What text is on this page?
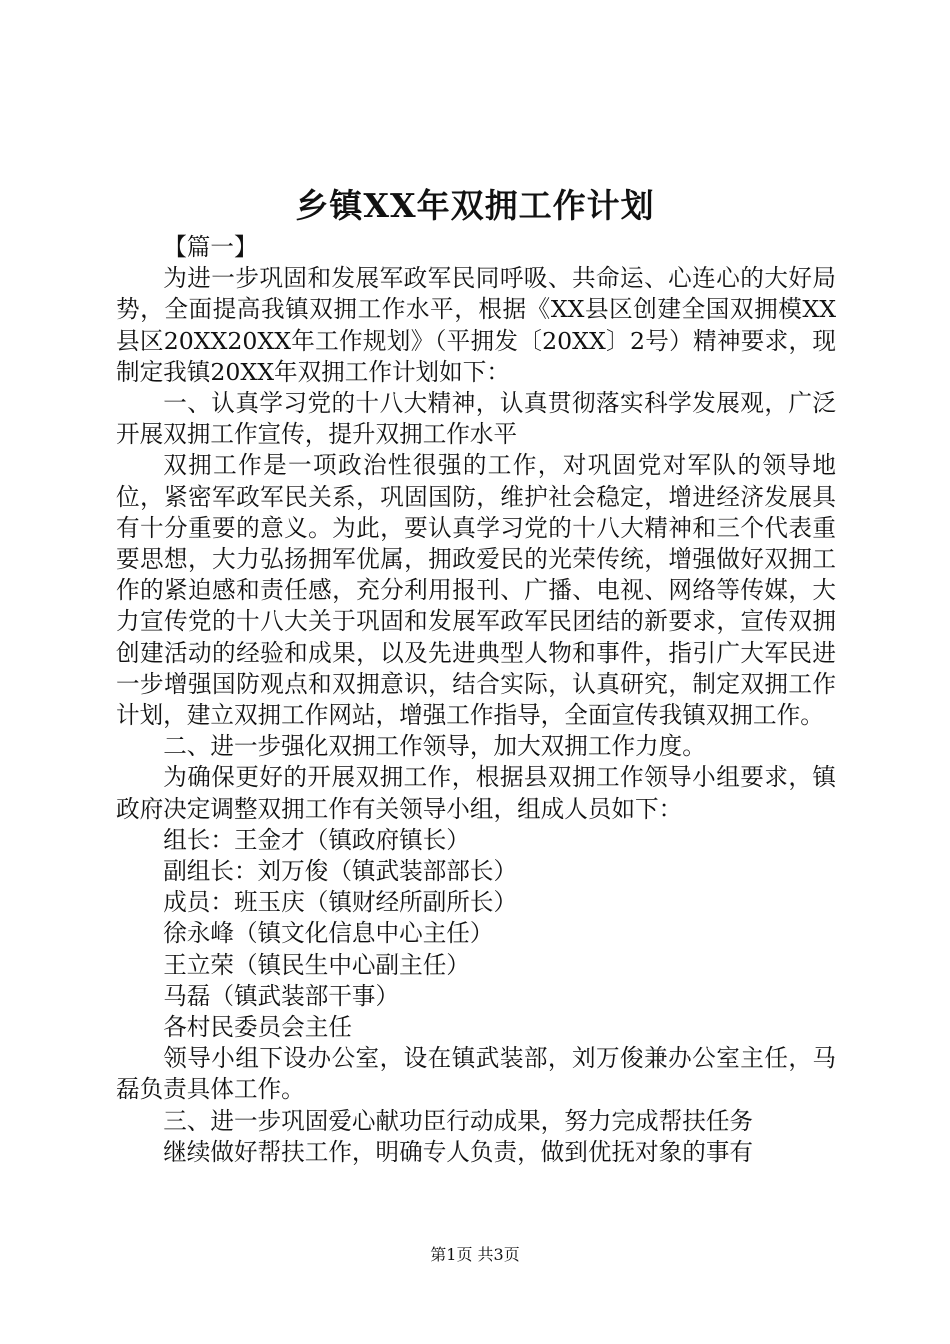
乡镇XX年双拥工作计划

【篇一】

为进一步巩固和发展军政军民同呼吸、共命运、心连心的大好局势，全面提高我镇双拥工作水平，根据《XX县区创建全国双拥模XX县区20XX20XX年工作规划》（平拥发〔20XX〕2号）精神要求，现制定我镇20XX年双拥工作计划如下：

一、认真学习党的十八大精神，认真贯彻落实科学发展观，广泛开展双拥工作宣传，提升双拥工作水平

双拥工作是一项政治性很强的工作，对巩固党对军队的领导地位，紧密军政军民关系，巩固国防，维护社会稳定，增进经济发展具有十分重要的意义。为此，要认真学习党的十八大精神和三个代表重要思想，大力弘扬拥军优属，拥政爱民的光荣传统，增强做好双拥工作的紧迫感和责任感，充分利用报刊、广播、电视、网络等传媒，大力宣传党的十八大关于巩固和发展军政军民团结的新要求，宣传双拥创建活动的经验和成果，以及先进典型人物和事件，指引广大军民进一步增强国防观点和双拥意识，结合实际，认真研究，制定双拥工作计划，建立双拥工作网站，增强工作指导，全面宣传我镇双拥工作。

二、进一步强化双拥工作领导，加大双拥工作力度。

为确保更好的开展双拥工作，根据县双拥工作领导小组要求，镇政府决定调整双拥工作有关领导小组，组成人员如下：

组长：王金才（镇政府镇长）

副组长：刘万俊（镇武装部部长）

成员：班玉庆（镇财经所副所长）

徐永峰（镇文化信息中心主任）

王立荣（镇民生中心副主任）

马磊（镇武装部干事）

各村民委员会主任

领导小组下设办公室，设在镇武装部，刘万俊兼办公室主任，马磊负责具体工作。

三、进一步巩固爱心献功臣行动成果，努力完成帮扶任务

继续做好帮扶工作，明确专人负责，做到优抚对象的事有

第1页 共3页
